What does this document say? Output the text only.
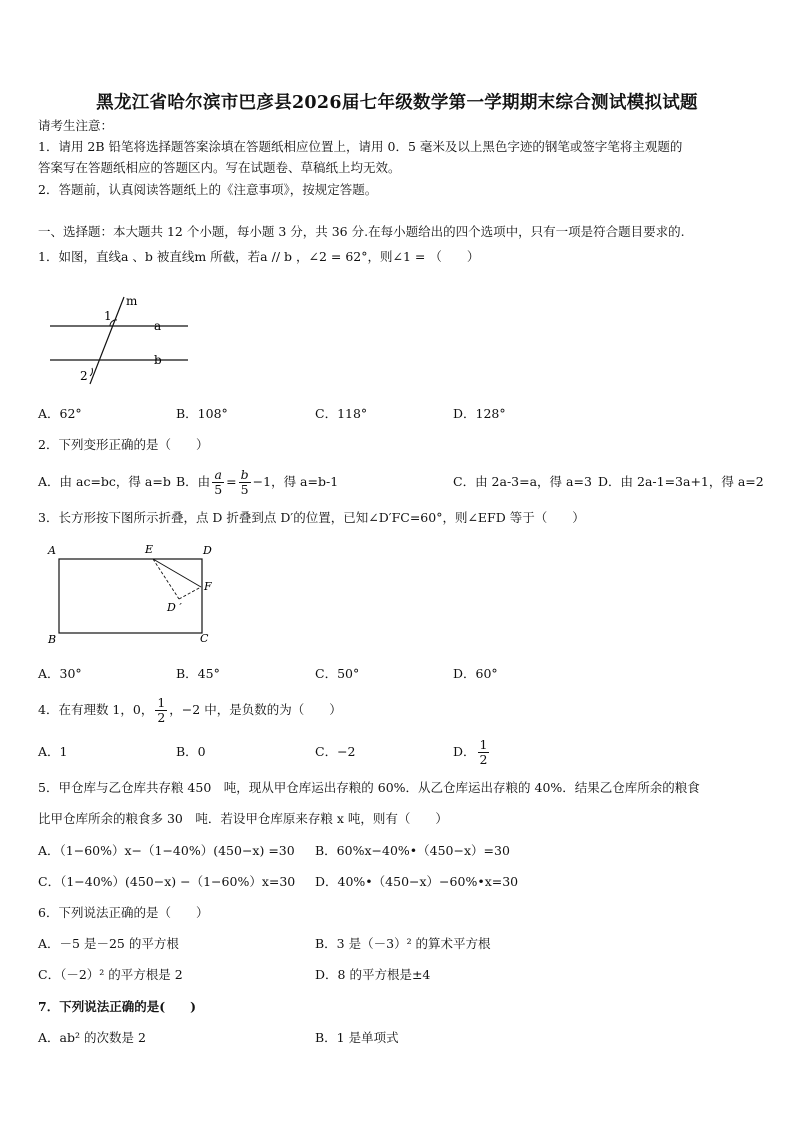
黑龙江省哈尔滨市巴彦县2026届七年级数学第一学期期末综合测试模拟试题
请考生注意：
1．请用 2B 铅笔将选择题答案涂填在答题纸相应位置上，请用 0．5 毫米及以上黑色字迹的钢笔或签字笔将主观题的
答案写在答题纸相应的答题区内。写在试题卷、草稿纸上均无效。
2．答题前，认真阅读答题纸上的《注意事项》，按规定答题。
一、选择题：本大题共 12 个小题，每小题 3 分，共 36 分.在每小题给出的四个选项中，只有一项是符合题目要求的.
1．如图，直线a 、b 被直线m 所截，若a // b ，∠2 = 62°，则∠1 = （　　）
m
a
b
1
2
A．62°	B．108°	C．118°	D．128°
2．下列变形正确的是（　　）
A．由 ac=bc，得 a=b B．由 $\frac{a}{5} = \frac{b}{5} -1$，得 a=b-1	C．由 2a-3=a，得 a=3 D．由 2a-1=3a+1，得 a=2
3．长方形按下图所示折叠，点 D 折叠到点 D′的位置，已知∠D′FC=60°，则∠EFD 等于（　　）
A	E	D
F
D ′
B	C
A．30°	B．45°	C．50°	D．60°
4．在有理数 1，0， $\frac{1}{2}$ ，−2 中，是负数的为（　　）
A．1	B．0	C．−2	D． $\frac{1}{2}$
5．甲仓库与乙仓库共存粮 450　吨，现从甲仓库运出存粮的 60%．从乙仓库运出存粮的 40%．结果乙仓库所余的粮食
比甲仓库所余的粮食多 30　吨．若设甲仓库原来存粮 x 吨，则有（　　）
A．（1−60%）x−（1−40%）(450−x) =30 B．60%x−40%•（450−x）=30
C．（1−40%）(450−x) −（1−60%）x=30 D．40%•（450−x）−60%•x=30
6．下列说法正确的是（　　）
A．－5 是－25 的平方根	B．3 是（－3）² 的算术平方根
C．（－2）² 的平方根是 2	D．8 的平方根是±4
7．下列说法正确的是(　　)
A．ab² 的次数是 2	B．1 是单项式
